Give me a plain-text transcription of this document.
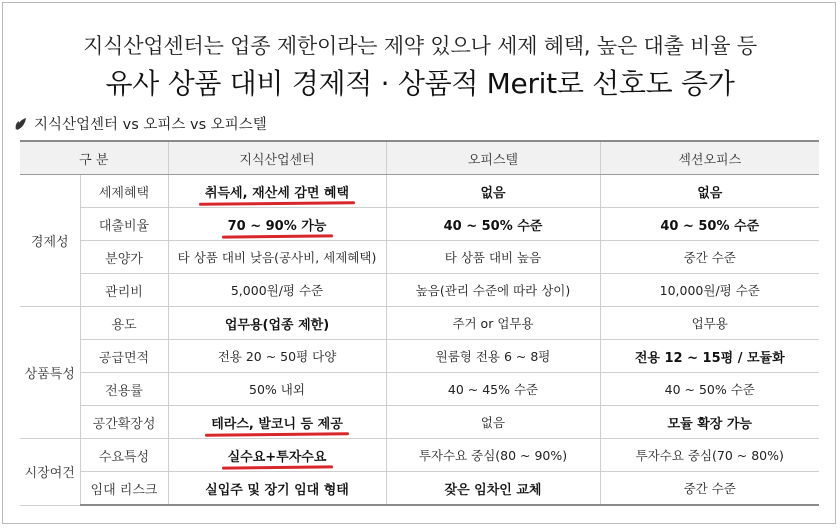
지식산업센터는 업종 제한이라는 제약 있으나 세제 혜택, 높은 대출 비율 등
유사 상품 대비 경제적 · 상품적 Merit로 선호도 증가
지식산업센터 vs 오피스 vs 오피스텔
구 분		지식산업센터	오피스텔	섹션오피스
경제성	세제혜택	취득세, 재산세 감면 혜택	없음	없음
	대출비율	70 ~ 90% 가능	40 ~ 50% 수준	40 ~ 50% 수준
	분양가	타 상품 대비 낮음(공사비, 세제혜택)	타 상품 대비 높음	중간 수준
	관리비	5,000원/평 수준	높음(관리 수준에 따라 상이)	10,000원/평 수준
상품특성	용도	업무용(업종 제한)	주거 or 업무용	업무용
	공급면적	전용 20 ~ 50평 다양	원룸형 전용 6 ~ 8평	전용 12 ~ 15평 / 모듈화
	전용률	50% 내외	40 ~ 45% 수준	40 ~ 50% 수준
	공간확장성	테라스, 발코니 등 제공	없음	모듈 확장 가능
시장여건	수요특성	실수요+투자수요	투자수요 중심(80 ~ 90%)	투자수요 중심(70 ~ 80%)
	임대 리스크	실입주 및 장기 임대 형태	잦은 임차인 교체	중간 수준
